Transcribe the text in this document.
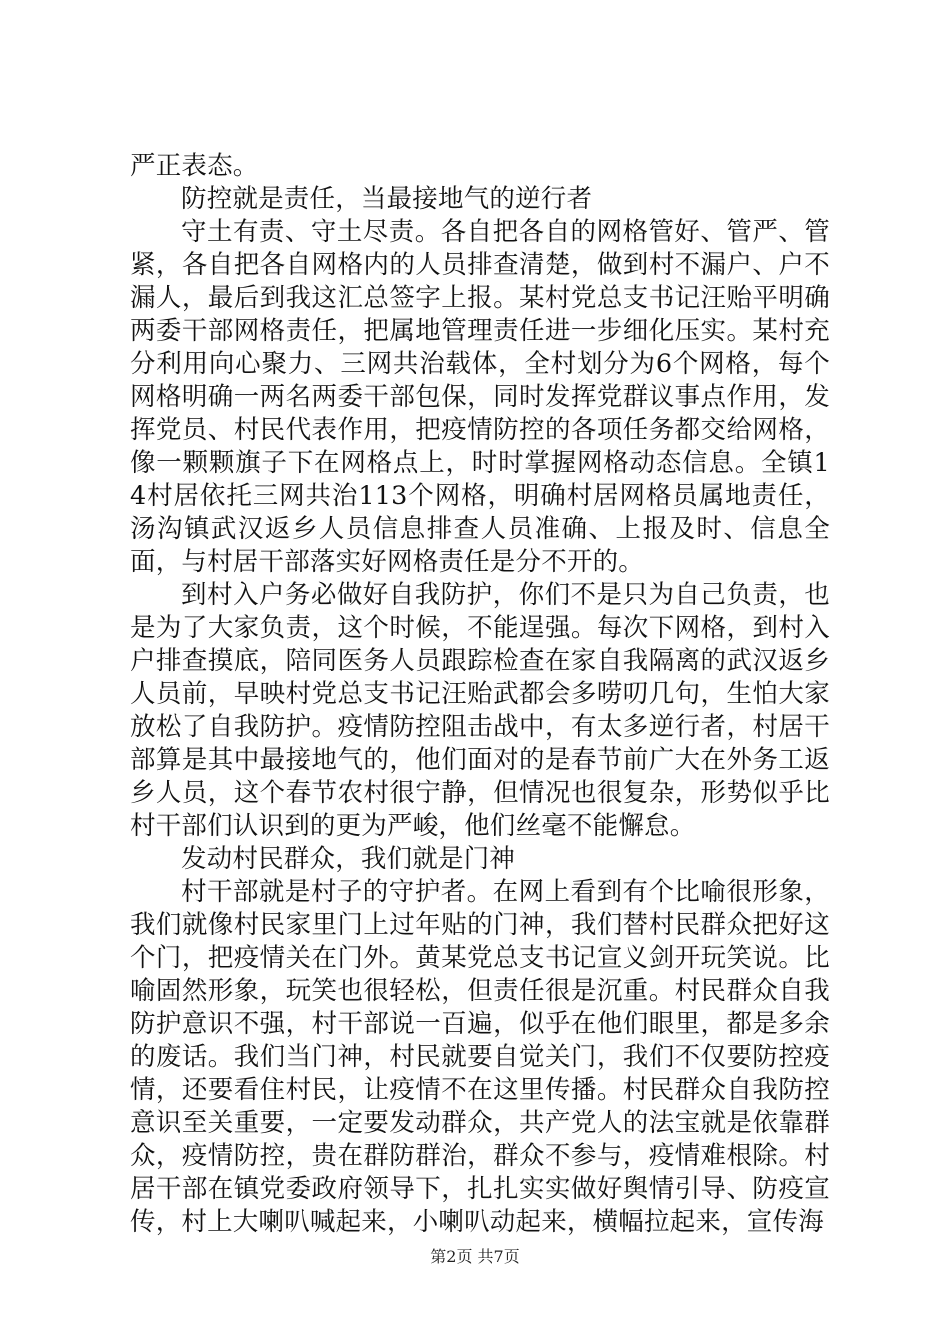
严正表态。

防控就是责任，当最接地气的逆行者

守土有责、守土尽责。各自把各自的网格管好、管严、管紧，各自把各自网格内的人员排查清楚，做到村不漏户、户不漏人，最后到我这汇总签字上报。某村党总支书记汪贻平明确两委干部网格责任，把属地管理责任进一步细化压实。某村充分利用向心聚力、三网共治载体，全村划分为6个网格，每个网格明确一两名两委干部包保，同时发挥党群议事点作用，发挥党员、村民代表作用，把疫情防控的各项任务都交给网格，像一颗颗旗子下在网格点上，时时掌握网格动态信息。全镇14村居依托三网共治113个网格，明确村居网格员属地责任，汤沟镇武汉返乡人员信息排查人员准确、上报及时、信息全面，与村居干部落实好网格责任是分不开的。

到村入户务必做好自我防护，你们不是只为自己负责，也是为了大家负责，这个时候，不能逞强。每次下网格，到村入户排查摸底，陪同医务人员跟踪检查在家自我隔离的武汉返乡人员前，早映村党总支书记汪贻武都会多唠叨几句，生怕大家放松了自我防护。疫情防控阻击战中，有太多逆行者，村居干部算是其中最接地气的，他们面对的是春节前广大在外务工返乡人员，这个春节农村很宁静，但情况也很复杂，形势似乎比村干部们认识到的更为严峻，他们丝毫不能懈怠。

发动村民群众，我们就是门神

村干部就是村子的守护者。在网上看到有个比喻很形象，我们就像村民家里门上过年贴的门神，我们替村民群众把好这个门，把疫情关在门外。黄某党总支书记宣义剑开玩笑说。比喻固然形象，玩笑也很轻松，但责任很是沉重。村民群众自我防护意识不强，村干部说一百遍，似乎在他们眼里，都是多余的废话。我们当门神，村民就要自觉关门，我们不仅要防控疫情，还要看住村民，让疫情不在这里传播。村民群众自我防控意识至关重要，一定要发动群众，共产党人的法宝就是依靠群众，疫情防控，贵在群防群治，群众不参与，疫情难根除。村居干部在镇党委政府领导下，扎扎实实做好舆情引导、防疫宣传，村上大喇叭喊起来，小喇叭动起来，横幅拉起来，宣传海

第2页 共7页
